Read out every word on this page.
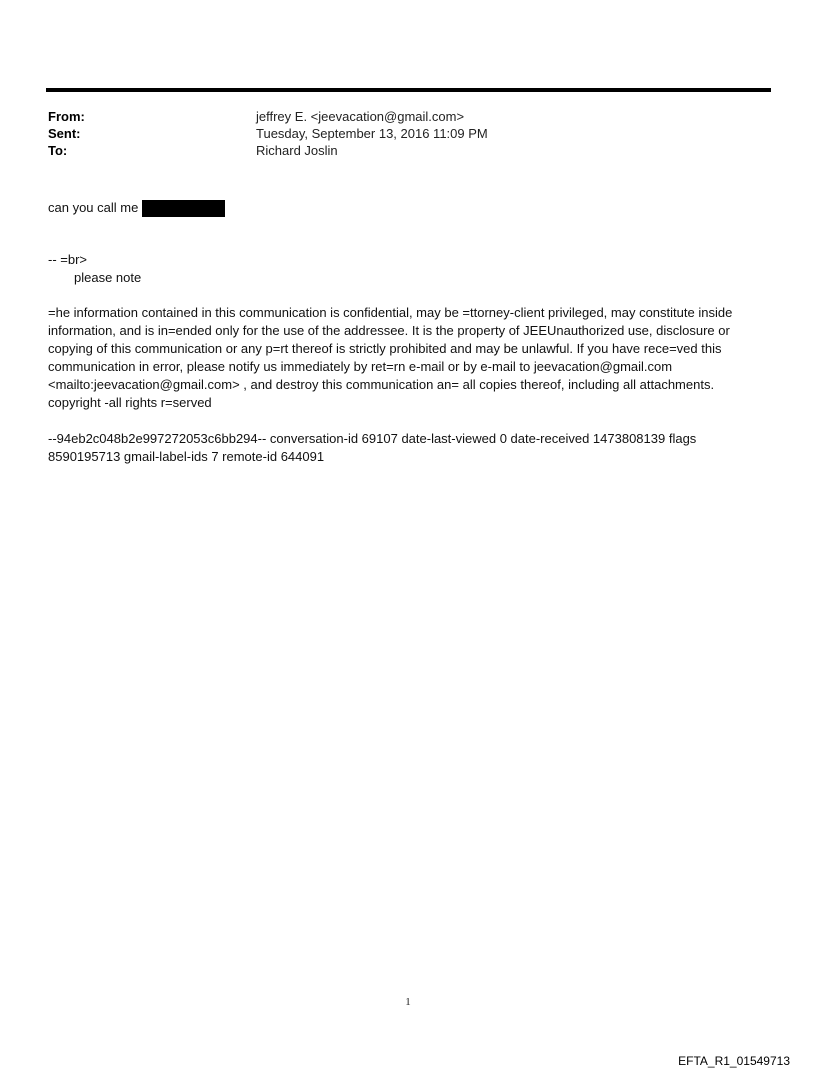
From:	jeffrey E. <jeevacation@gmail.com>
Sent:	Tuesday, September 13, 2016 11:09 PM
To:	Richard Joslin
can you call me
-- =br>
please note
=he information contained in this communication is confidential, may be =ttorney-client privileged, may constitute inside information, and is in=ended only for the use of the addressee. It is the property of JEEUnauthorized use, disclosure or copying of this communication or any p=rt thereof is strictly prohibited and may be unlawful. If you have rece=ved this communication in error, please notify us immediately by ret=rn e-mail or by e-mail to jeevacation@gmail.com <mailto:jeevacation@gmail.com> , and destroy this communication an= all copies thereof, including all attachments. copyright -all rights r=served
--94eb2c048b2e997272053c6bb294-- conversation-id 69107 date-last-viewed 0 date-received 1473808139 flags 8590195713 gmail-label-ids 7 remote-id 644091
1
EFTA_R1_01549713
